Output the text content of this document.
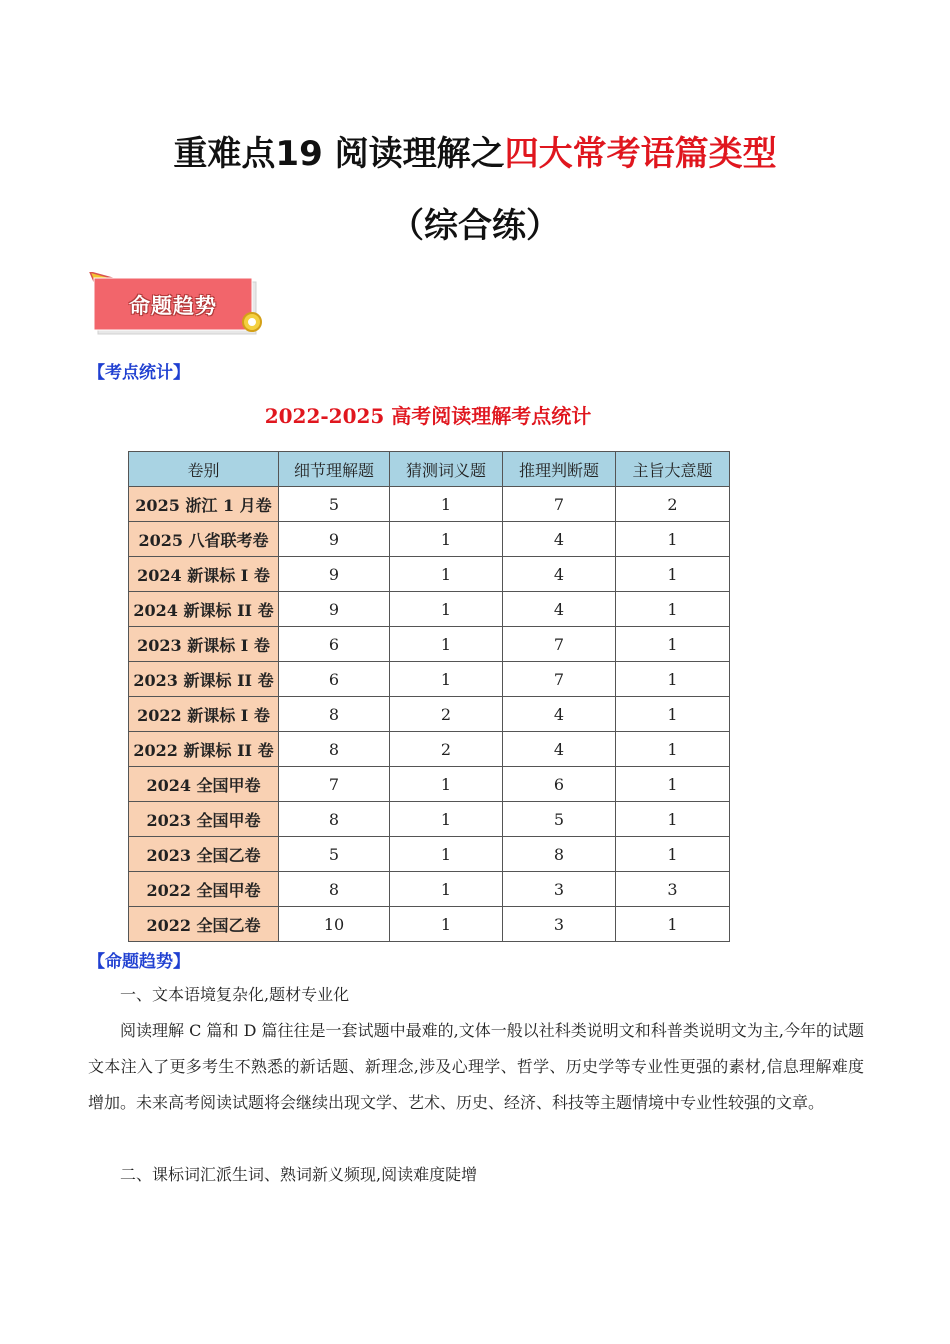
重难点19 阅读理解之四大常考语篇类型（综合练）
命题趋势
【考点统计】
2022-2025 高考阅读理解考点统计
卷别	细节理解题	猜测词义题	推理判断题	主旨大意题
2025 浙江 1 月卷	5	1	7	2
2025 八省联考卷	9	1	4	1
2024 新课标 I 卷	9	1	4	1
2024 新课标 II 卷	9	1	4	1
2023 新课标 I 卷	6	1	7	1
2023 新课标 II 卷	6	1	7	1
2022 新课标 I 卷	8	2	4	1
2022 新课标 II 卷	8	2	4	1
2024 全国甲卷	7	1	6	1
2023 全国甲卷	8	1	5	1
2023 全国乙卷	5	1	8	1
2022 全国甲卷	8	1	3	3
2022 全国乙卷	10	1	3	1
【命题趋势】
一、文本语境复杂化,题材专业化
阅读理解 C 篇和 D 篇往往是一套试题中最难的,文体一般以社科类说明文和科普类说明文为主,今年的试题文本注入了更多考生不熟悉的新话题、新理念,涉及心理学、哲学、历史学等专业性更强的素材,信息理解难度增加。未来高考阅读试题将会继续出现文学、艺术、历史、经济、科技等主题情境中专业性较强的文章。
二、课标词汇派生词、熟词新义频现,阅读难度陡增
